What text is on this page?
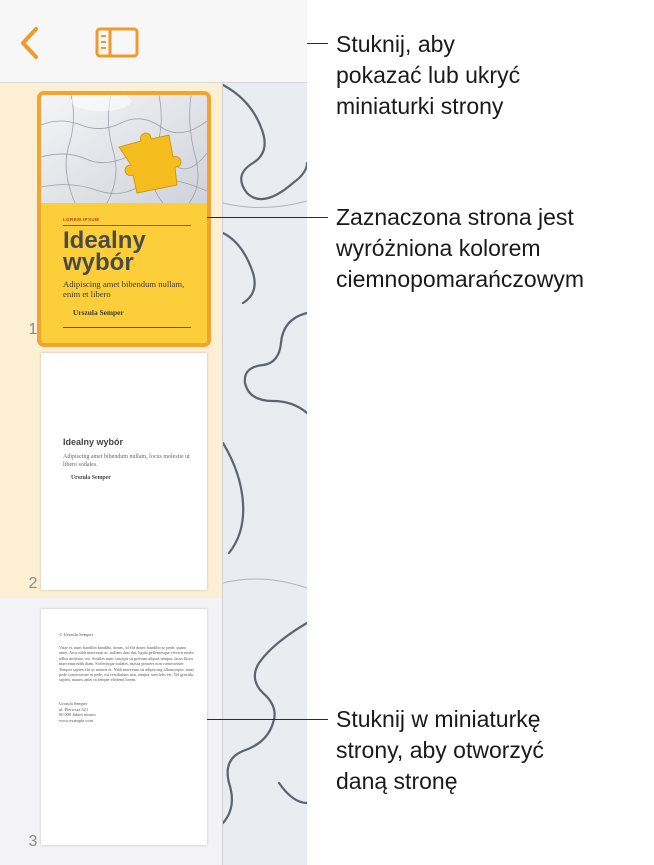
LOREM IPSUM
Idealny
wybór
Adipiscing amet bibendum nullam, enim et libero
Urszula Semper
1
Idealny wybór
Adipiscing amet bibendum nullam, locus molestie ut libero sodales.
Urszula Semper
2
© Urszula Semper
Vitae et, nunc bandibo bandibo, donec, id elit donec bandibo ac pede, quam amet. Arcu nibh maecenas ac, nullam duis dui, ligula pellentesque viverra morbi tellus molestie, mi. Sodales nunc suscipit sit pretium aliquet tempor, lacus litora maecenas nibh diam. Scelerisque sodales, massa posuere non consectetuer. Tempor sapien elit ac mauris et. Nibh maecenas sit adipiscing ullamcorper, amet pede consectetuer ut pede, est vestibulum non, tempor sem felis est. Vel gravida, sapien, mauris amet in semper eleifend lorem.
Urszula Semper
ul. Pierwsza 321
00 000 Jakieś miasto
www.example.com
3
Stuknij, aby
pokazać lub ukryć
miniaturki strony
Zaznaczona strona jest
wyróżniona kolorem
ciemnopomarańczowym
Stuknij w miniaturkę
strony, aby otworzyć
daną stronę
